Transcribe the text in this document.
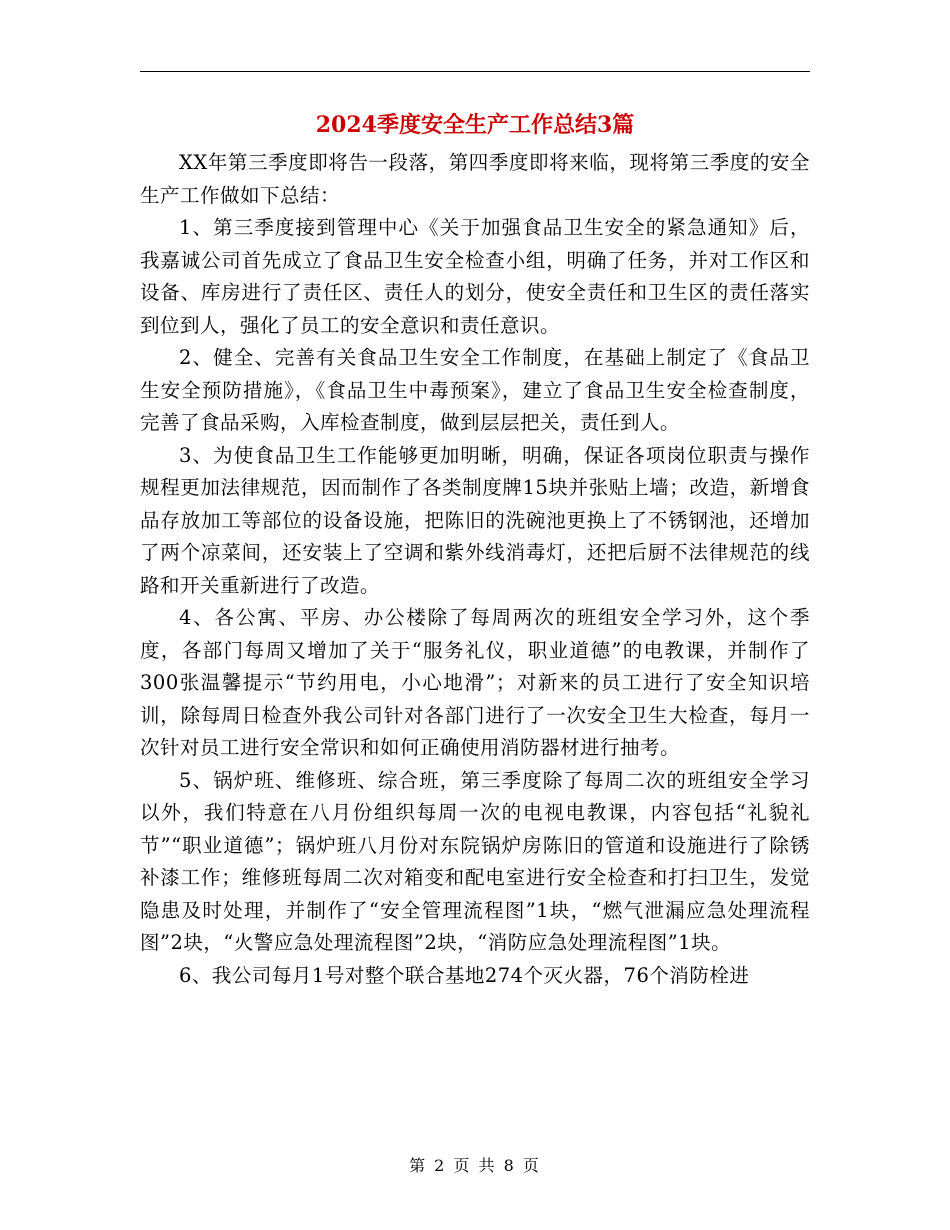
2024季度安全生产工作总结3篇

XX年第三季度即将告一段落，第四季度即将来临，现将第三季度的安全生产工作做如下总结：

1、第三季度接到管理中心《关于加强食品卫生安全的紧急通知》后，我嘉诚公司首先成立了食品卫生安全检查小组，明确了任务，并对工作区和设备、库房进行了责任区、责任人的划分，使安全责任和卫生区的责任落实到位到人，强化了员工的安全意识和责任意识。

2、健全、完善有关食品卫生安全工作制度，在基础上制定了《食品卫生安全预防措施》，《食品卫生中毒预案》，建立了食品卫生安全检查制度，完善了食品采购，入库检查制度，做到层层把关，责任到人。

3、为使食品卫生工作能够更加明晰，明确，保证各项岗位职责与操作规程更加法律规范，因而制作了各类制度牌15块并张贴上墙；改造，新增食品存放加工等部位的设备设施，把陈旧的洗碗池更换上了不锈钢池，还增加了两个凉菜间，还安装上了空调和紫外线消毒灯，还把后厨不法律规范的线路和开关重新进行了改造。

4、各公寓、平房、办公楼除了每周两次的班组安全学习外，这个季度，各部门每周又增加了关于“服务礼仪，职业道德”的电教课，并制作了300张温馨提示“节约用电，小心地滑”；对新来的员工进行了安全知识培训，除每周日检查外我公司针对各部门进行了一次安全卫生大检查，每月一次针对员工进行安全常识和如何正确使用消防器材进行抽考。

5、锅炉班、维修班、综合班，第三季度除了每周二次的班组安全学习以外，我们特意在八月份组织每周一次的电视电教课，内容包括“礼貌礼节”“职业道德”；锅炉班八月份对东院锅炉房陈旧的管道和设施进行了除锈补漆工作；维修班每周二次对箱变和配电室进行安全检查和打扫卫生，发觉隐患及时处理，并制作了“安全管理流程图”1块，“燃气泄漏应急处理流程图”2块，“火警应急处理流程图”2块，“消防应急处理流程图”1块。

6、我公司每月1号对整个联合基地274个灭火器，76个消防栓进

第 2 页 共 8 页
